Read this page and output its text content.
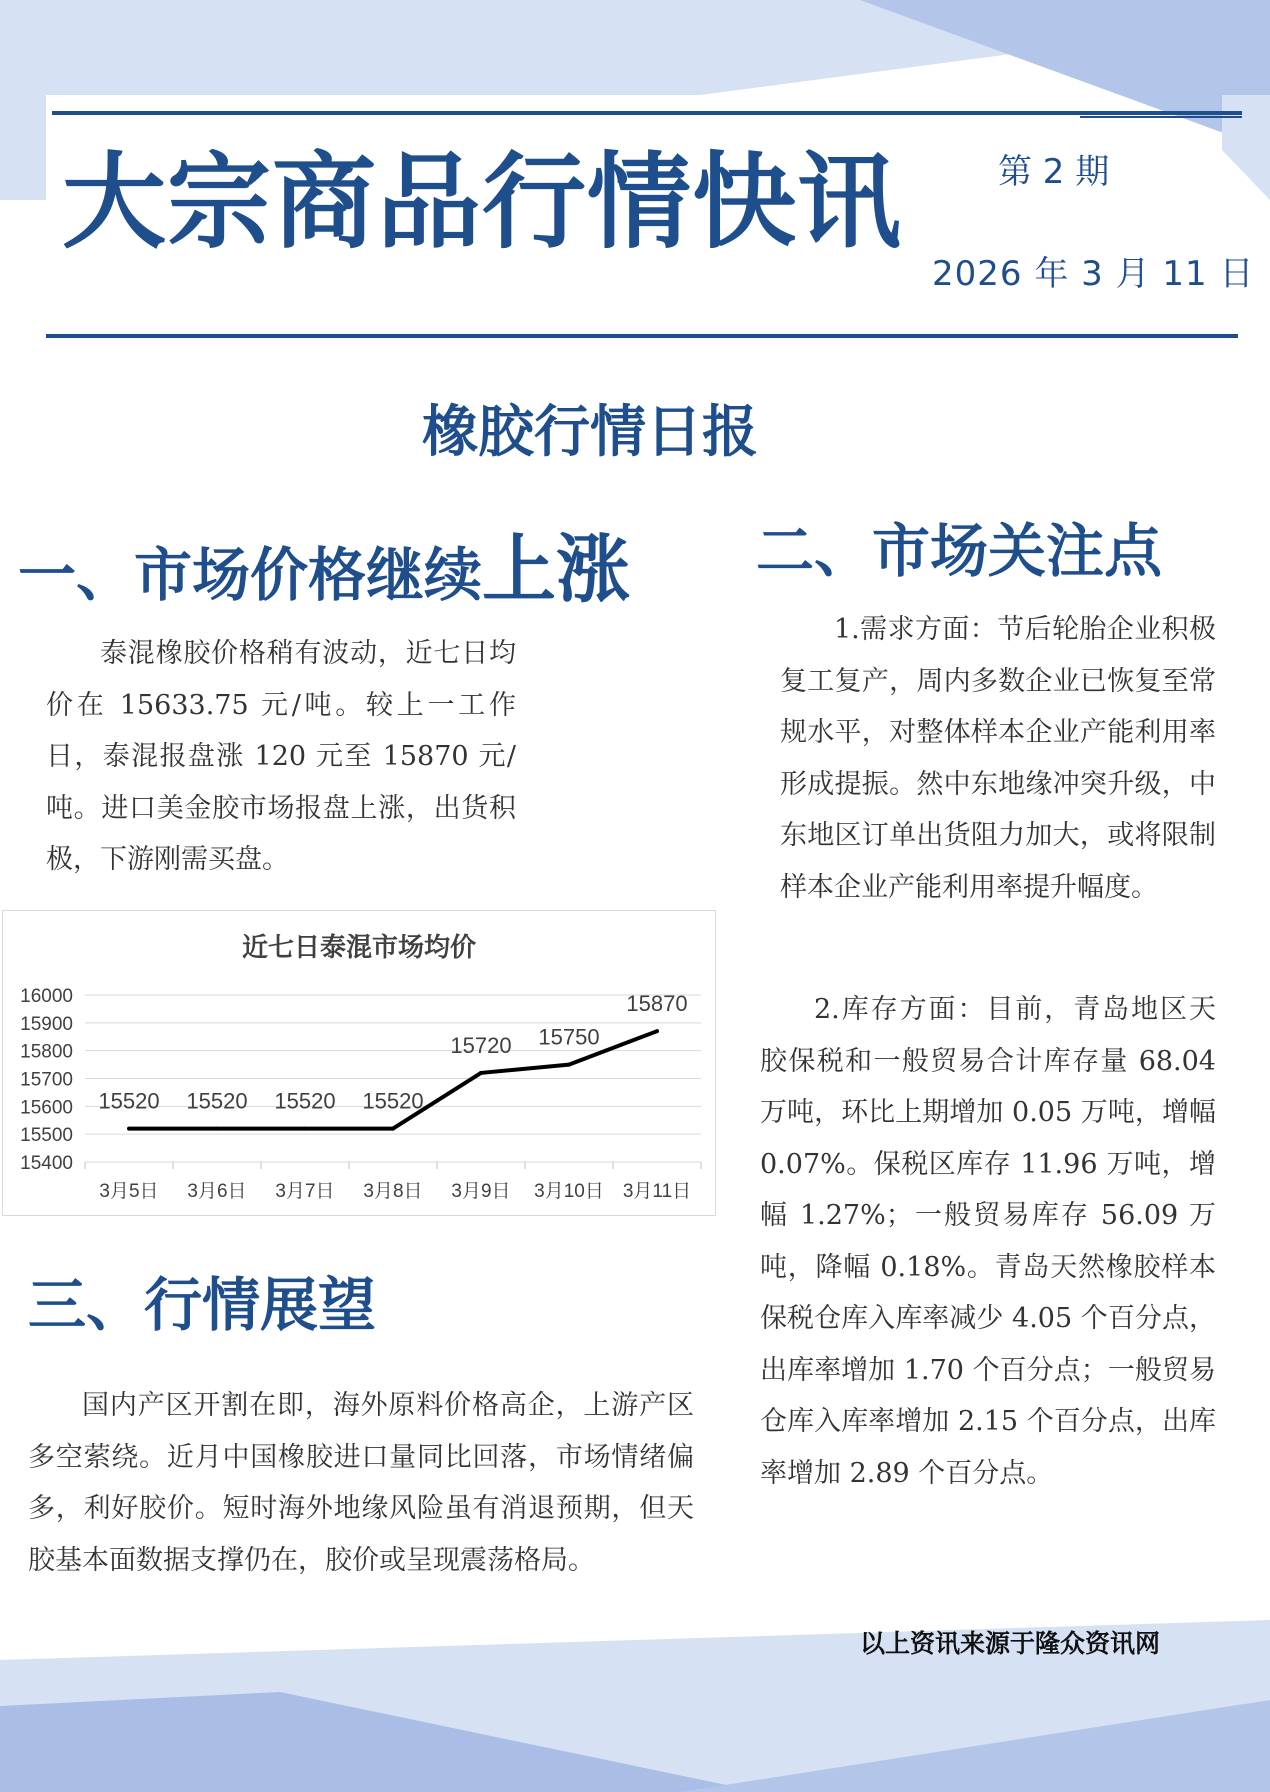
大宗商品行情快讯	第 2 期
2026 年 3 月 11 日
橡胶行情日报
一、市场价格继续上涨

泰混橡胶价格稍有波动，近七日均价在 15633.75 元/吨。较上一工作日，泰混报盘涨 120 元至 15870 元/吨。进口美金胶市场报盘上涨，出货积极，下游刚需买盘。

近七日泰混市场均价
15400
15500
15600
15700
15800
15900
16000
3月5日 3月6日 3月7日 3月8日 3月9日 3月10日 3月11日
15520 15520 15520 15520
15720 15750
15870
二、市场关注点

1.需求方面：节后轮胎企业积极复工复产，周内多数企业已恢复至常规水平，对整体样本企业产能利用率形成提振。然中东地缘冲突升级，中东地区订单出货阻力加大，或将限制样本企业产能利用率提升幅度。

2.库存方面：目前，青岛地区天胶保税和一般贸易合计库存量 68.04 万吨，环比上期增加 0.05 万吨，增幅 0.07%。保税区库存 11.96 万吨，增幅 1.27%；一般贸易库存 56.09 万吨，降幅 0.18%。青岛天然橡胶样本保税仓库入库率减少 4.05 个百分点，出库率增加 1.70 个百分点；一般贸易仓库入库率增加 2.15 个百分点，出库率增加 2.89 个百分点。

三、行情展望

国内产区开割在即，海外原料价格高企，上游产区多空萦绕。近月中国橡胶进口量同比回落，市场情绪偏多，利好胶价。短时海外地缘风险虽有消退预期，但天胶基本面数据支撑仍在，胶价或呈现震荡格局。

以上资讯来源于隆众资讯网
